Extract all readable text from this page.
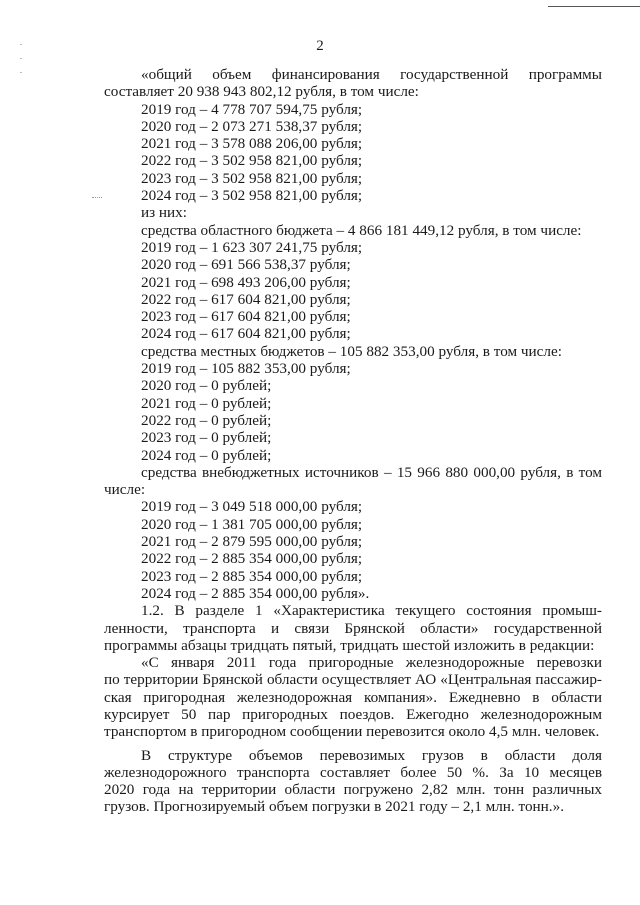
2
«общий объем финансирования государственной программы
составляет 20 938 943 802,12 рубля, в том числе:
2019 год – 4 778 707 594,75 рубля;
2020 год – 2 073 271 538,37 рубля;
2021 год – 3 578 088 206,00 рубля;
2022 год – 3 502 958 821,00 рубля;
2023 год – 3 502 958 821,00 рубля;
2024 год – 3 502 958 821,00 рубля;
из них:
средства областного бюджета – 4 866 181 449,12 рубля, в том числе:
2019 год – 1 623 307 241,75 рубля;
2020 год – 691 566 538,37 рубля;
2021 год – 698 493 206,00 рубля;
2022 год – 617 604 821,00 рубля;
2023 год – 617 604 821,00 рубля;
2024 год – 617 604 821,00 рубля;
средства местных бюджетов – 105 882 353,00 рубля, в том числе:
2019 год – 105 882 353,00 рубля;
2020 год – 0 рублей;
2021 год – 0 рублей;
2022 год – 0 рублей;
2023 год – 0 рублей;
2024 год – 0 рублей;
средства внебюджетных источников – 15 966 880 000,00 рубля, в том
числе:
2019 год – 3 049 518 000,00 рубля;
2020 год – 1 381 705 000,00 рубля;
2021 год – 2 879 595 000,00 рубля;
2022 год – 2 885 354 000,00 рубля;
2023 год – 2 885 354 000,00 рубля;
2024 год – 2 885 354 000,00 рубля».
1.2. В разделе 1 «Характеристика текущего состояния промыш-
ленности, транспорта и связи Брянской области» государственной
программы абзацы тридцать пятый, тридцать шестой изложить в редакции:
«С января 2011 года пригородные железнодорожные перевозки
по территории Брянской области осуществляет АО «Центральная пассажир-
ская пригородная железнодорожная компания». Ежедневно в области
курсирует 50 пар пригородных поездов. Ежегодно железнодорожным
транспортом в пригородном сообщении перевозится около 4,5 млн. человек.
В структуре объемов перевозимых грузов в области доля
железнодорожного транспорта составляет более 50 %. За 10 месяцев
2020 года на территории области погружено 2,82 млн. тонн различных
грузов. Прогнозируемый объем погрузки в 2021 году – 2,1 млн. тонн.».
